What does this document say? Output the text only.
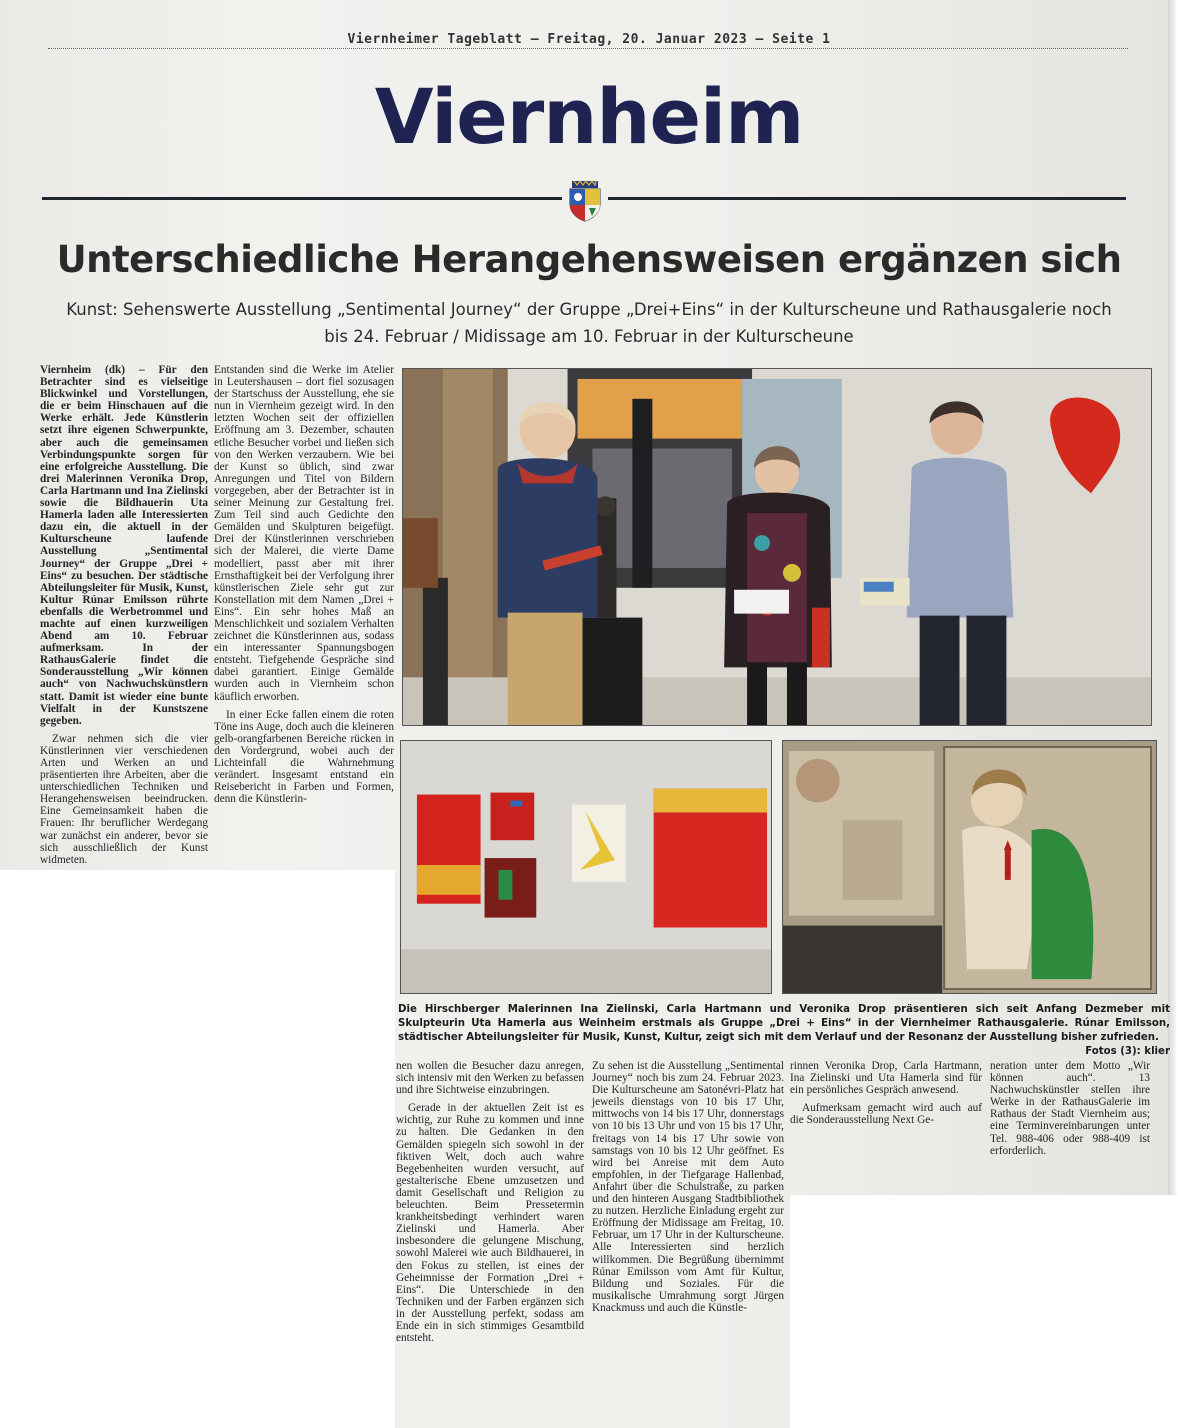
Viernheimer Tageblatt – Freitag, 20. Januar 2023 – Seite 1
Viernheim
Unterschiedliche Herangehensweisen ergänzen sich
Kunst: Sehenswerte Ausstellung „Sentimental Journey“ der Gruppe „Drei+Eins“ in der Kulturscheune und Rathausgalerie noch
bis 24. Februar / Midissage am 10. Februar in der Kulturscheune

Viernheim (dk) – Für den Betrachter sind es vielseitige Blickwinkel und Vorstellungen, die er beim Hinschauen auf die Werke erhält. Jede Künstlerin setzt ihre eigenen Schwerpunkte, aber auch die gemeinsamen Verbindungspunkte sorgen für eine erfolgreiche Ausstellung. Die drei Malerinnen Veronika Drop, Carla Hartmann und Ina Zielinski sowie die Bildhauerin Uta Hamerla laden alle Interessierten dazu ein, die aktuell in der Kulturscheune laufende Ausstellung „Sentimental Journey“ der Gruppe „Drei + Eins“ zu besuchen. Der städtische Abteilungsleiter für Musik, Kunst, Kultur Rúnar Emilsson rührte ebenfalls die Werbetrommel und machte auf einen kurzweiligen Abend am 10. Februar aufmerksam. In der RathausGalerie findet die Sonderausstellung „Wir können auch“ von Nachwuchskünstlern statt. Damit ist wieder eine bunte Vielfalt in der Kunstszene gegeben.

Zwar nehmen sich die vier Künstlerinnen vier verschiedenen Arten und Werken an und präsentierten ihre Arbeiten, aber die unterschiedlichen Techniken und Herangehensweisen beeindrucken. Eine Gemeinsamkeit haben die Frauen: Ihr beruflicher Werdegang war zunächst ein anderer, bevor sie sich ausschließlich der Kunst widmeten.

Entstanden sind die Werke im Atelier in Leutershausen – dort fiel sozusagen der Startschuss der Ausstellung, ehe sie nun in Viernheim gezeigt wird. In den letzten Wochen seit der offiziellen Eröffnung am 3. Dezember, schauten etliche Besucher vorbei und ließen sich von den Werken verzaubern. Wie bei der Kunst so üblich, sind zwar Anregungen und Titel von Bildern vorgegeben, aber der Betrachter ist in seiner Meinung zur Gestaltung frei. Zum Teil sind auch Gedichte den Gemälden und Skulpturen beigefügt. Drei der Künstlerinnen verschrieben sich der Malerei, die vierte Dame modelliert, passt aber mit ihrer Ernsthaftigkeit bei der Verfolgung ihrer künstlerischen Ziele sehr gut zur Konstellation mit dem Namen „Drei + Eins“. Ein sehr hohes Maß an Menschlichkeit und sozialem Verhalten zeichnet die Künstlerinnen aus, sodass ein interessanter Spannungsbogen entsteht. Tiefgehende Gespräche sind dabei garantiert. Einige Gemälde wurden auch in Viernheim schon käuflich erworben.

In einer Ecke fallen einem die roten Töne ins Auge, doch auch die kleineren gelb-orangfarbenen Bereiche rücken in den Vordergrund, wobei auch der Lichteinfall die Wahrnehmung verändert. Insgesamt entstand ein Reisebericht in Farben und Formen, denn die Künstlerin-

nen wollen die Besucher dazu anregen, sich intensiv mit den Werken zu befassen und ihre Sichtweise einzubringen.

Gerade in der aktuellen Zeit ist es wichtig, zur Ruhe zu kommen und inne zu halten. Die Gedanken in den Gemälden spiegeln sich sowohl in der fiktiven Welt, doch auch wahre Begebenheiten wurden versucht, auf gestalterische Ebene umzusetzen und damit Gesellschaft und Religion zu beleuchten. Beim Pressetermin krankheitsbedingt verhindert waren Zielinski und Hamerla. Aber insbesondere die gelungene Mischung, sowohl Malerei wie auch Bildhauerei, in den Fokus zu stellen, ist eines der Geheimnisse der Formation „Drei + Eins“. Die Unterschiede in den Techniken und der Farben ergänzen sich in der Ausstellung perfekt, sodass am Ende ein in sich stimmiges Gesamtbild entsteht.

Zu sehen ist die Ausstellung „Sentimental Journey“ noch bis zum 24. Februar 2023. Die Kulturscheune am Satonévri-Platz hat jeweils dienstags von 10 bis 17 Uhr, mittwochs von 14 bis 17 Uhr, donnerstags von 10 bis 13 Uhr und von 15 bis 17 Uhr, freitags von 14 bis 17 Uhr sowie von samstags von 10 bis 12 Uhr geöffnet. Es wird bei Anreise mit dem Auto empfohlen, in der Tiefgarage Hallenbad, Anfahrt über die Schulstraße, zu parken und den hinteren Ausgang Stadtbibliothek zu nutzen. Herzliche Einladung ergeht zur Eröffnung der Midissage am Freitag, 10. Februar, um 17 Uhr in der Kulturscheune. Alle Interessierten sind herzlich willkommen. Die Begrüßung übernimmt Rúnar Emilsson vom Amt für Kultur, Bildung und Soziales. Für die musikalische Umrahmung sorgt Jürgen Knackmuss und auch die Künstle-

rinnen Veronika Drop, Carla Hartmann, Ina Zielinski und Uta Hamerla sind für ein persönliches Gespräch anwesend.

Aufmerksam gemacht wird auch auf die Sonderausstellung Next Ge-

neration unter dem Motto „Wir können auch“. 13 Nachwuchskünstler stellen ihre Werke in der RathausGalerie im Rathaus der Stadt Viernheim aus; eine Terminvereinbarungen unter Tel. 988-406 oder 988-409 ist erforderlich.

Die Hirschberger Malerinnen Ina Zielinski, Carla Hartmann und Veronika Drop präsentieren sich seit Anfang Dezmeber mit Skulpteurin Uta Hamerla aus Weinheim erstmals als Gruppe „Drei + Eins“ in der Viernheimer Rathausgalerie. Rúnar Emilsson, städtischer Abteilungsleiter für Musik, Kunst, Kultur, zeigt sich mit dem Verlauf und der Resonanz der Ausstellung bisher zufrieden.
Fotos (3): klier
